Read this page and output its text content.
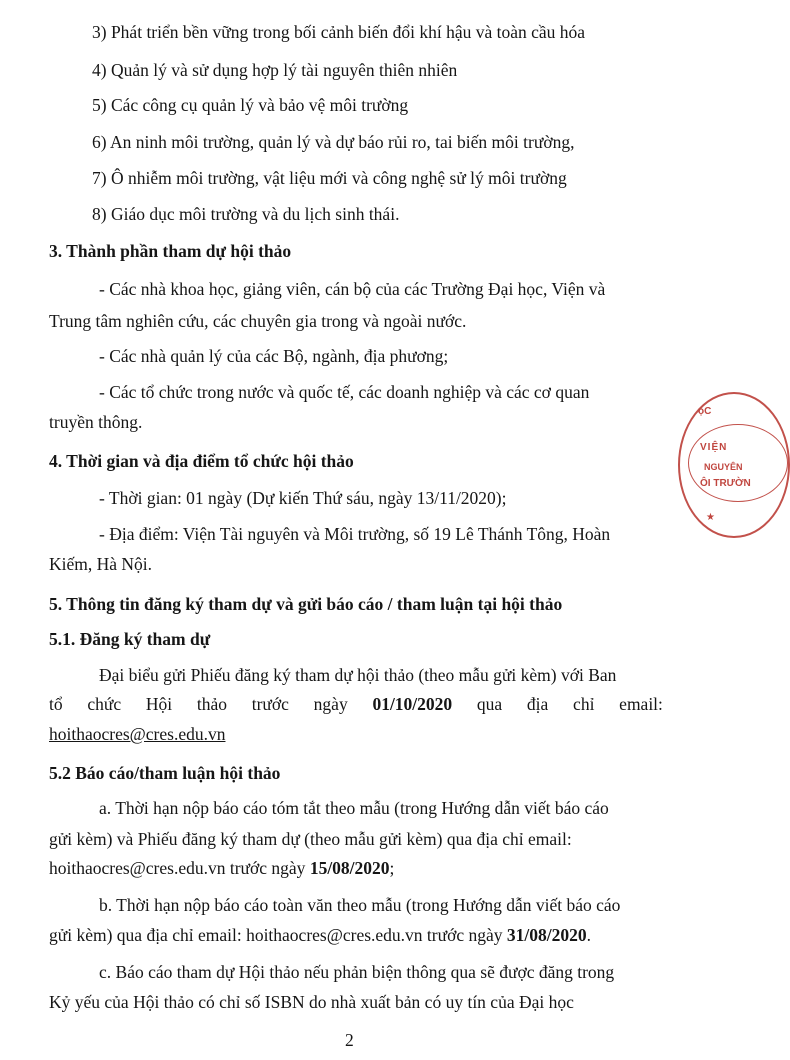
3) Phát triển bền vững trong bối cảnh biến đổi khí hậu và toàn cầu hóa
4) Quản lý và sử dụng hợp lý tài nguyên thiên nhiên
5) Các công cụ quản lý và bảo vệ môi trường
6) An ninh môi trường, quản lý và dự báo rủi ro, tai biến môi trường,
7) Ô nhiễm môi trường, vật liệu mới và công nghệ sử lý môi trường
8) Giáo dục môi trường và du lịch sinh thái.
3. Thành phần tham dự hội thảo
- Các nhà khoa học, giảng viên, cán bộ của các Trường Đại học, Viện và
Trung tâm nghiên cứu, các chuyên gia trong và ngoài nước.
- Các nhà quản lý của các Bộ, ngành, địa phương;
- Các tổ chức trong nước và quốc tế, các doanh nghiệp và các cơ quan
truyền thông.
4. Thời gian và địa điểm tổ chức hội thảo
- Thời gian: 01 ngày (Dự kiến Thứ sáu, ngày 13/11/2020);
- Địa điểm: Viện Tài nguyên và Môi trường, số 19 Lê Thánh Tông, Hoàn
Kiếm, Hà Nội.
5. Thông tin đăng ký tham dự và gửi báo cáo / tham luận tại hội thảo
5.1. Đăng ký tham dự
Đại biểu gửi Phiếu đăng ký tham dự hội thảo (theo mẫu gửi kèm) với Ban
tổ chức Hội thảo trước ngày 01/10/2020 qua địa chỉ email:
hoithaocres@cres.edu.vn
5.2 Báo cáo/tham luận hội thảo
a. Thời hạn nộp báo cáo tóm tắt theo mẫu (trong Hướng dẫn viết báo cáo
gửi kèm) và Phiếu đăng ký tham dự (theo mẫu gửi kèm) qua địa chỉ email:
hoithaocres@cres.edu.vn trước ngày 15/08/2020;
b. Thời hạn nộp báo cáo toàn văn theo mẫu (trong Hướng dẫn viết báo cáo
gửi kèm) qua địa chỉ email: hoithaocres@cres.edu.vn trước ngày 31/08/2020.
c. Báo cáo tham dự Hội thảo nếu phản biện thông qua sẽ được đăng trong
Kỷ yếu của Hội thảo có chỉ số ISBN do nhà xuất bản có uy tín của Đại học
2
ọC
VIỆN
NGUYÊN
ÔI TRƯỜN
★
